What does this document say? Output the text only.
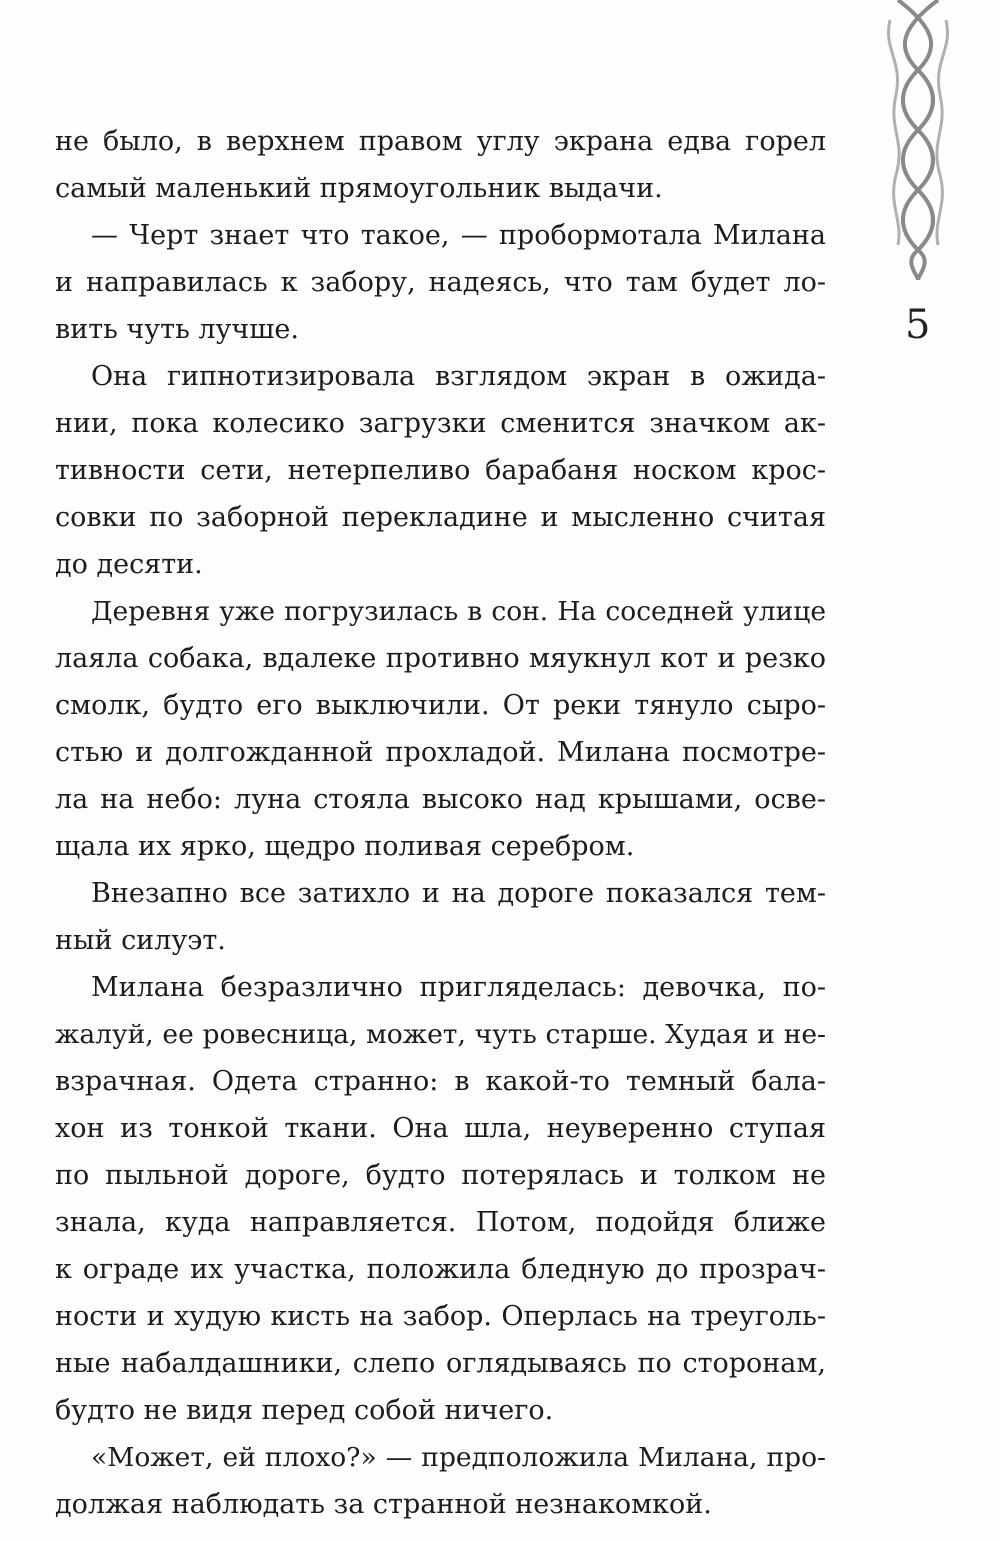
5
не было, в верхнем правом углу экрана едва горел
самый маленький прямоугольник выдачи.
— Черт знает что такое, — пробормотала Милана
и направилась к забору, надеясь, что там будет ло-
вить чуть лучше.
Она гипнотизировала взглядом экран в ожида-
нии, пока колесико загрузки сменится значком ак-
тивности сети, нетерпеливо барабаня носком крос-
совки по заборной перекладине и мысленно считая
до десяти.
Деревня уже погрузилась в сон. На соседней улице
лаяла собака, вдалеке противно мяукнул кот и резко
смолк, будто его выключили. От реки тянуло сыро-
стью и долгожданной прохладой. Милана посмотре-
ла на небо: луна стояла высоко над крышами, осве-
щала их ярко, щедро поливая серебром.
Внезапно все затихло и на дороге показался тем-
ный силуэт.
Милана безразлично пригляделась: девочка, по-
жалуй, ее ровесница, может, чуть старше. Худая и не-
взрачная. Одета странно: в какой-то темный бала-
хон из тонкой ткани. Она шла, неуверенно ступая
по пыльной дороге, будто потерялась и толком не
знала, куда направляется. Потом, подойдя ближе
к ограде их участка, положила бледную до прозрач-
ности и худую кисть на забор. Оперлась на треуголь-
ные набалдашники, слепо оглядываясь по сторонам,
будто не видя перед собой ничего.
«Может, ей плохо?» — предположила Милана, про-
должая наблюдать за странной незнакомкой.
